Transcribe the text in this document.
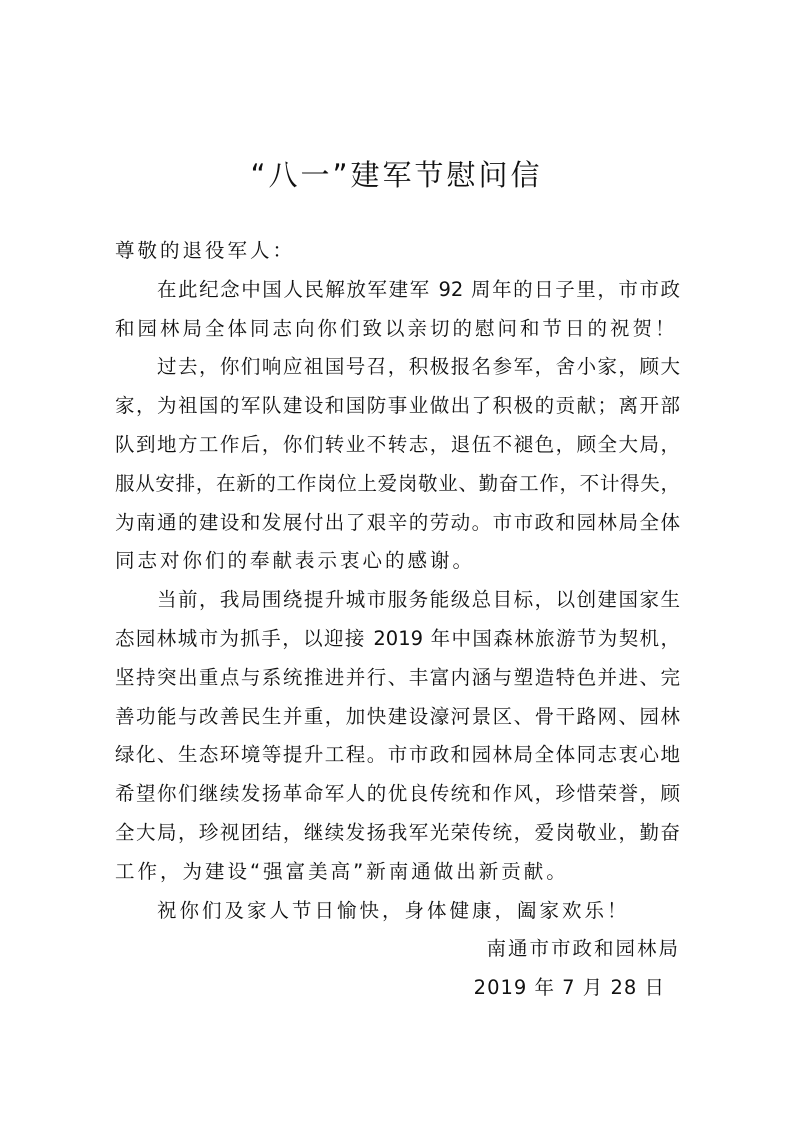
“八一”建军节慰问信
尊敬的退役军人：
在此纪念中国人民解放军建军 92 周年的日子里，市市政
和园林局全体同志向你们致以亲切的慰问和节日的祝贺！
过去，你们响应祖国号召，积极报名参军，舍小家，顾大
家，为祖国的军队建设和国防事业做出了积极的贡献；离开部
队到地方工作后，你们转业不转志，退伍不褪色，顾全大局，
服从安排，在新的工作岗位上爱岗敬业、勤奋工作，不计得失，
为南通的建设和发展付出了艰辛的劳动。市市政和园林局全体
同志对你们的奉献表示衷心的感谢。
当前，我局围绕提升城市服务能级总目标，以创建国家生
态园林城市为抓手，以迎接 2019 年中国森林旅游节为契机，
坚持突出重点与系统推进并行、丰富内涵与塑造特色并进、完
善功能与改善民生并重，加快建设濠河景区、骨干路网、园林
绿化、生态环境等提升工程。市市政和园林局全体同志衷心地
希望你们继续发扬革命军人的优良传统和作风，珍惜荣誉，顾
全大局，珍视团结，继续发扬我军光荣传统，爱岗敬业，勤奋
工作，为建设“强富美高”新南通做出新贡献。
祝你们及家人节日愉快，身体健康，阖家欢乐！
南通市市政和园林局
2019 年 7 月 28 日
